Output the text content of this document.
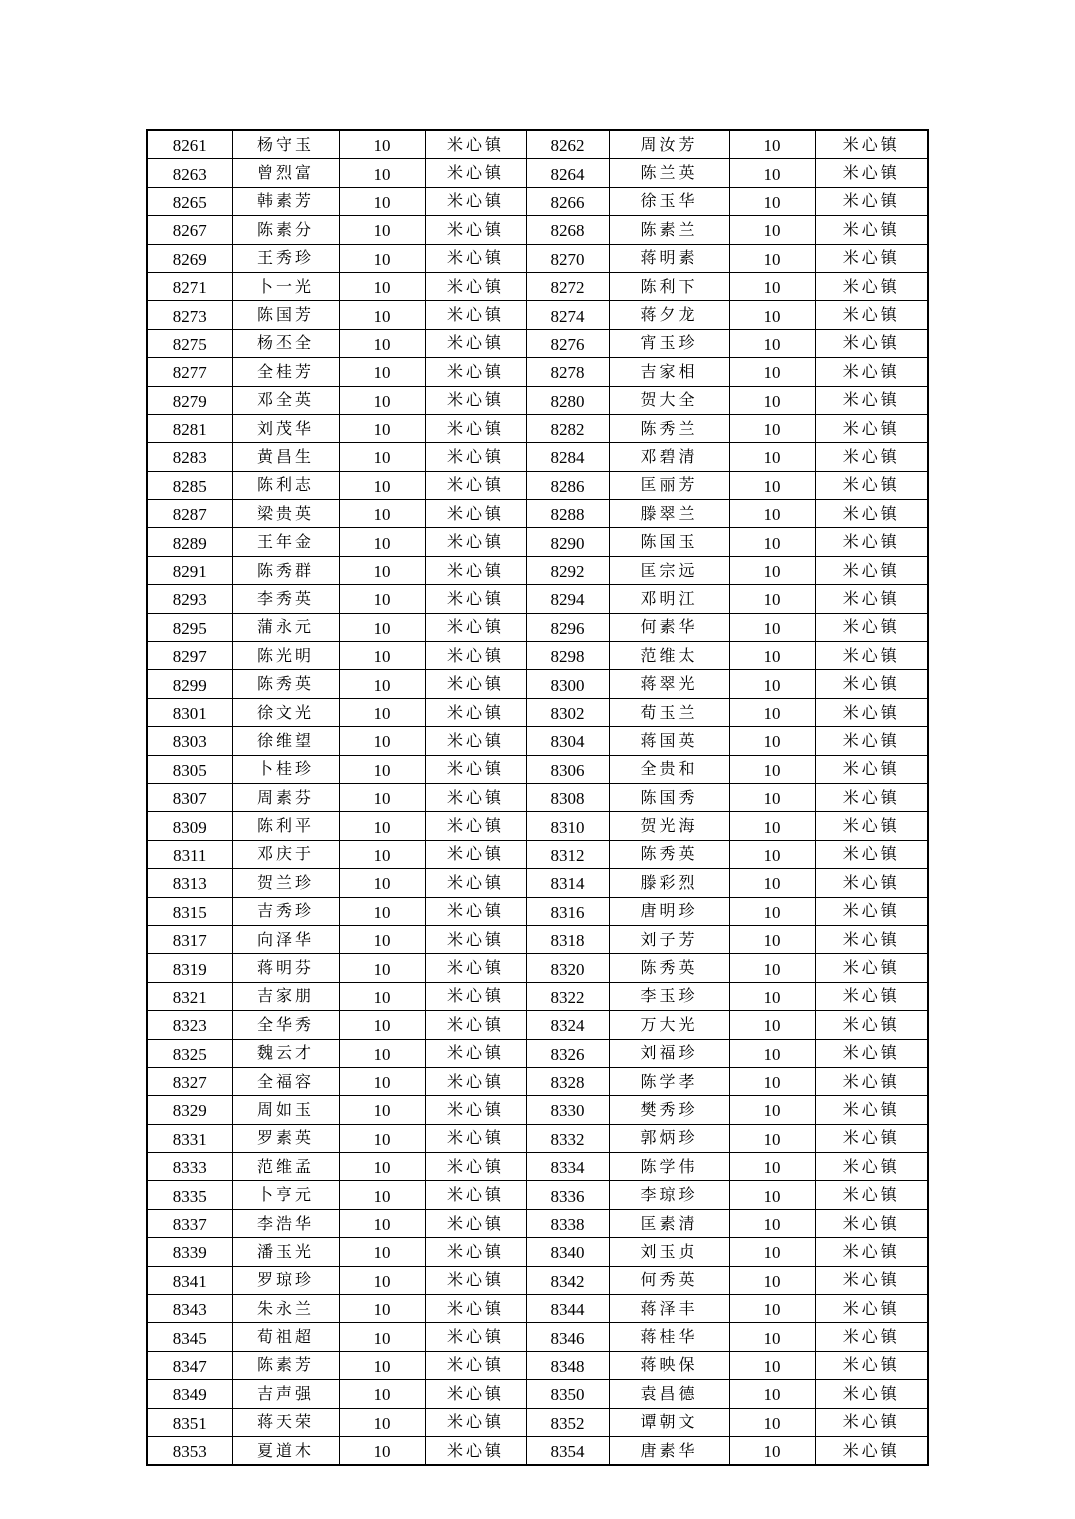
8261	杨守玉	10	米心镇	8262	周汝芳	10	米心镇
8263	曾烈富	10	米心镇	8264	陈兰英	10	米心镇
8265	韩素芳	10	米心镇	8266	徐玉华	10	米心镇
8267	陈素分	10	米心镇	8268	陈素兰	10	米心镇
8269	王秀珍	10	米心镇	8270	蒋明素	10	米心镇
8271	卜一光	10	米心镇	8272	陈利下	10	米心镇
8273	陈国芳	10	米心镇	8274	蒋夕龙	10	米心镇
8275	杨丕全	10	米心镇	8276	宵玉珍	10	米心镇
8277	全桂芳	10	米心镇	8278	吉家相	10	米心镇
8279	邓全英	10	米心镇	8280	贺大全	10	米心镇
8281	刘茂华	10	米心镇	8282	陈秀兰	10	米心镇
8283	黄昌生	10	米心镇	8284	邓碧清	10	米心镇
8285	陈利志	10	米心镇	8286	匡丽芳	10	米心镇
8287	梁贵英	10	米心镇	8288	滕翠兰	10	米心镇
8289	王年金	10	米心镇	8290	陈国玉	10	米心镇
8291	陈秀群	10	米心镇	8292	匡宗远	10	米心镇
8293	李秀英	10	米心镇	8294	邓明江	10	米心镇
8295	蒲永元	10	米心镇	8296	何素华	10	米心镇
8297	陈光明	10	米心镇	8298	范维太	10	米心镇
8299	陈秀英	10	米心镇	8300	蒋翠光	10	米心镇
8301	徐文光	10	米心镇	8302	荀玉兰	10	米心镇
8303	徐维望	10	米心镇	8304	蒋国英	10	米心镇
8305	卜桂珍	10	米心镇	8306	全贵和	10	米心镇
8307	周素芬	10	米心镇	8308	陈国秀	10	米心镇
8309	陈利平	10	米心镇	8310	贺光海	10	米心镇
8311	邓庆于	10	米心镇	8312	陈秀英	10	米心镇
8313	贺兰珍	10	米心镇	8314	滕彩烈	10	米心镇
8315	吉秀珍	10	米心镇	8316	唐明珍	10	米心镇
8317	向泽华	10	米心镇	8318	刘子芳	10	米心镇
8319	蒋明芬	10	米心镇	8320	陈秀英	10	米心镇
8321	吉家朋	10	米心镇	8322	李玉珍	10	米心镇
8323	全华秀	10	米心镇	8324	万大光	10	米心镇
8325	魏云才	10	米心镇	8326	刘福珍	10	米心镇
8327	全福容	10	米心镇	8328	陈学孝	10	米心镇
8329	周如玉	10	米心镇	8330	樊秀珍	10	米心镇
8331	罗素英	10	米心镇	8332	郭炳珍	10	米心镇
8333	范维孟	10	米心镇	8334	陈学伟	10	米心镇
8335	卜亨元	10	米心镇	8336	李琼珍	10	米心镇
8337	李浩华	10	米心镇	8338	匡素清	10	米心镇
8339	潘玉光	10	米心镇	8340	刘玉贞	10	米心镇
8341	罗琼珍	10	米心镇	8342	何秀英	10	米心镇
8343	朱永兰	10	米心镇	8344	蒋泽丰	10	米心镇
8345	荀祖超	10	米心镇	8346	蒋桂华	10	米心镇
8347	陈素芳	10	米心镇	8348	蒋映保	10	米心镇
8349	吉声强	10	米心镇	8350	袁昌德	10	米心镇
8351	蒋天荣	10	米心镇	8352	谭朝文	10	米心镇
8353	夏道木	10	米心镇	8354	唐素华	10	米心镇
